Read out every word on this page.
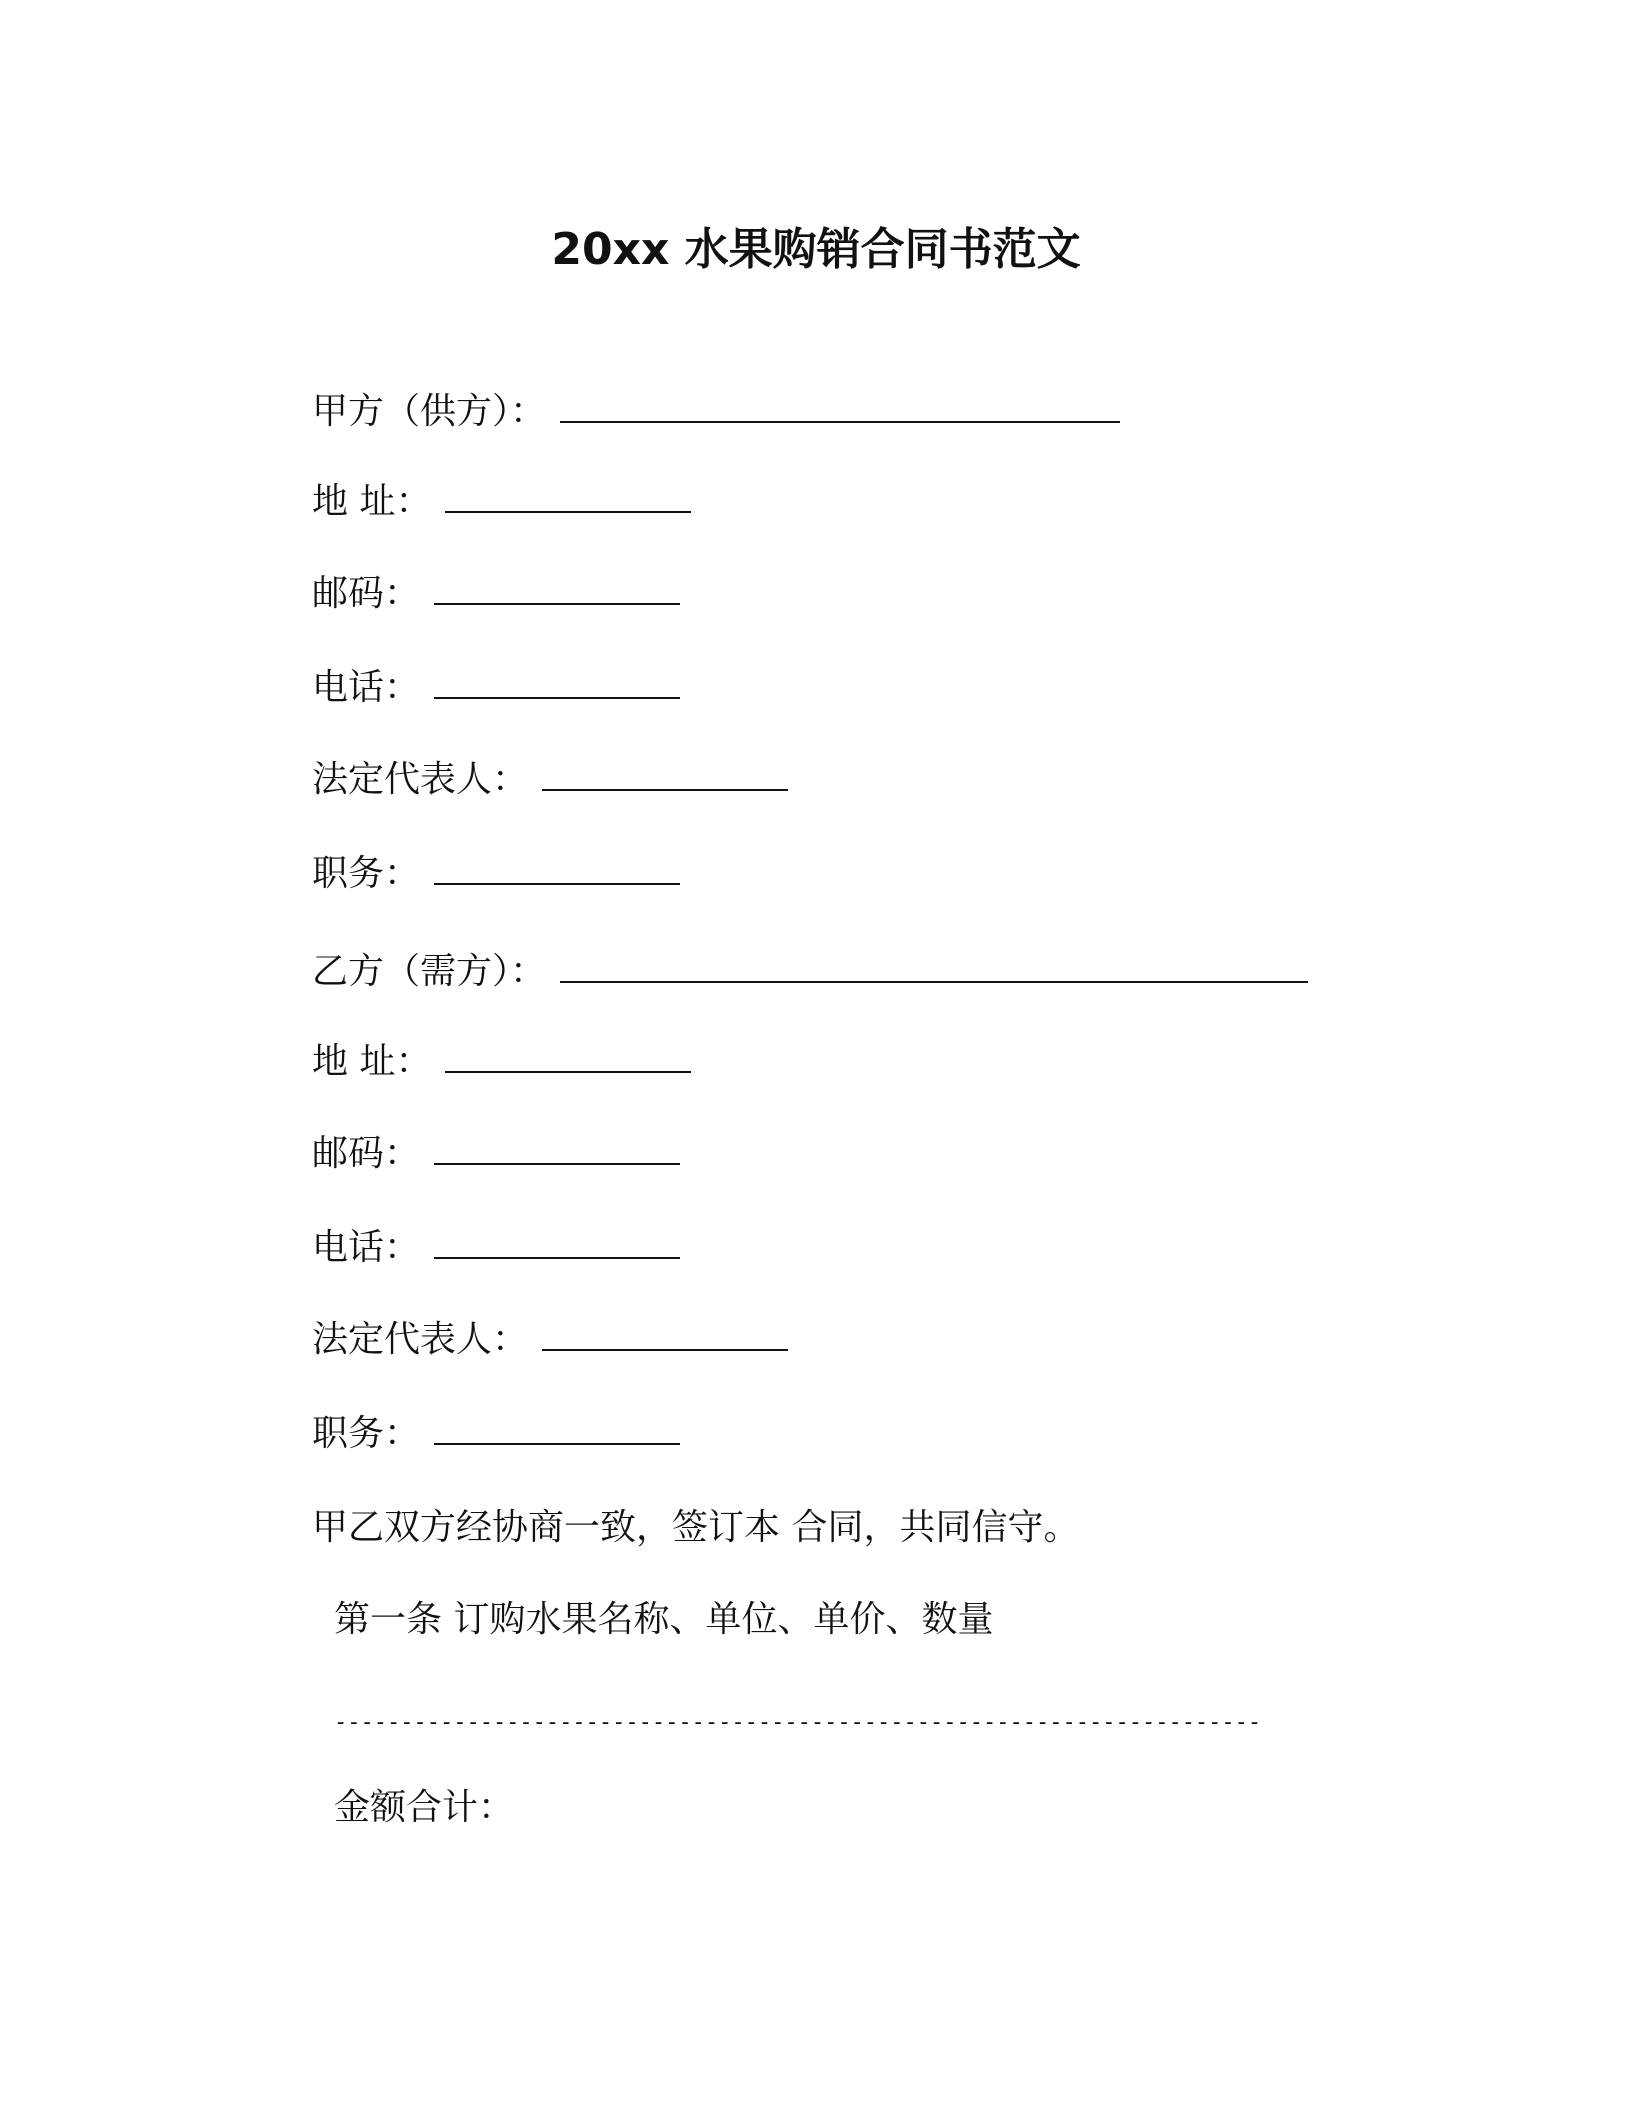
20xx 水果购销合同书范文
甲方（供方）：
地 址：
邮码：
电话：
法定代表人：
职务：
乙方（需方）：
地 址：
邮码：
电话：
法定代表人：
职务：
甲乙双方经协商一致，签订本 合同，共同信守。
第一条 订购水果名称、单位、单价、数量
----------------------------------------------------------------------
金额合计：
